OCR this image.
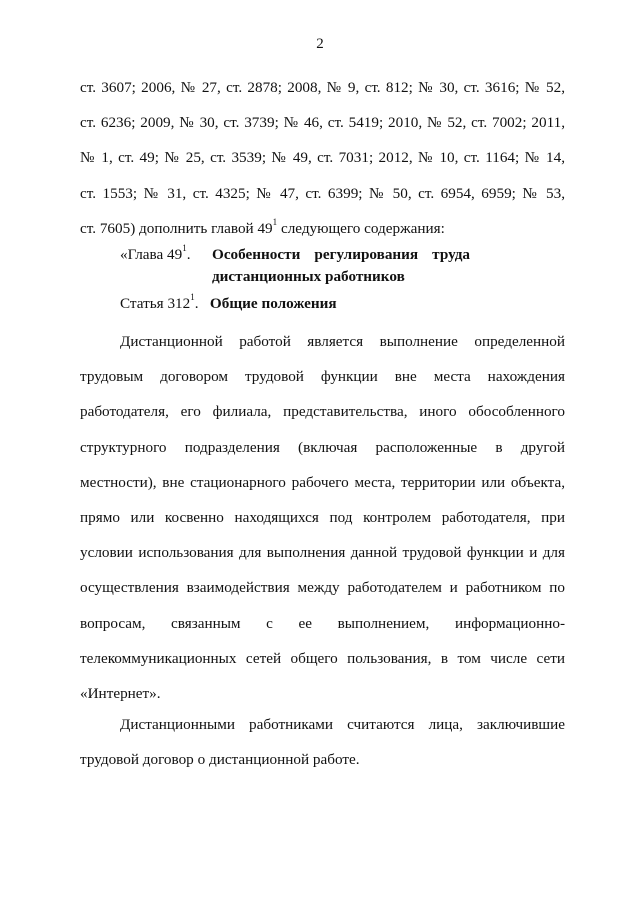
2
ст. 3607; 2006, № 27, ст. 2878; 2008, № 9, ст. 812; № 30, ст. 3616; № 52,
ст. 6236; 2009, № 30, ст. 3739; № 46, ст. 5419; 2010, № 52, ст. 7002; 2011,
№ 1, ст. 49; № 25, ст. 3539; № 49, ст. 7031; 2012, № 10, ст. 1164; № 14,
ст. 1553; № 31, ст. 4325; № 47, ст. 6399; № 50, ст. 6954, 6959; № 53,
ст. 7605) дополнить главой $49^1$ следующего содержания:
«Глава $49^1$.	Особенности регулирования труда
дистанционных работников
Статья $312^1$. Общие положения
Дистанционной работой является выполнение определенной
трудовым договором трудовой функции вне места нахождения
работодателя, его филиала, представительства, иного обособленного
структурного подразделения (включая расположенные в другой
местности), вне стационарного рабочего места, территории или объекта,
прямо или косвенно находящихся под контролем работодателя, при
условии использования для выполнения данной трудовой функции и для
осуществления взаимодействия между работодателем и работником по
вопросам, связанным с ее выполнением, информационно-
телекоммуникационных сетей общего пользования, в том числе сети
«Интернет».
Дистанционными работниками считаются лица, заключившие
трудовой договор о дистанционной работе.
